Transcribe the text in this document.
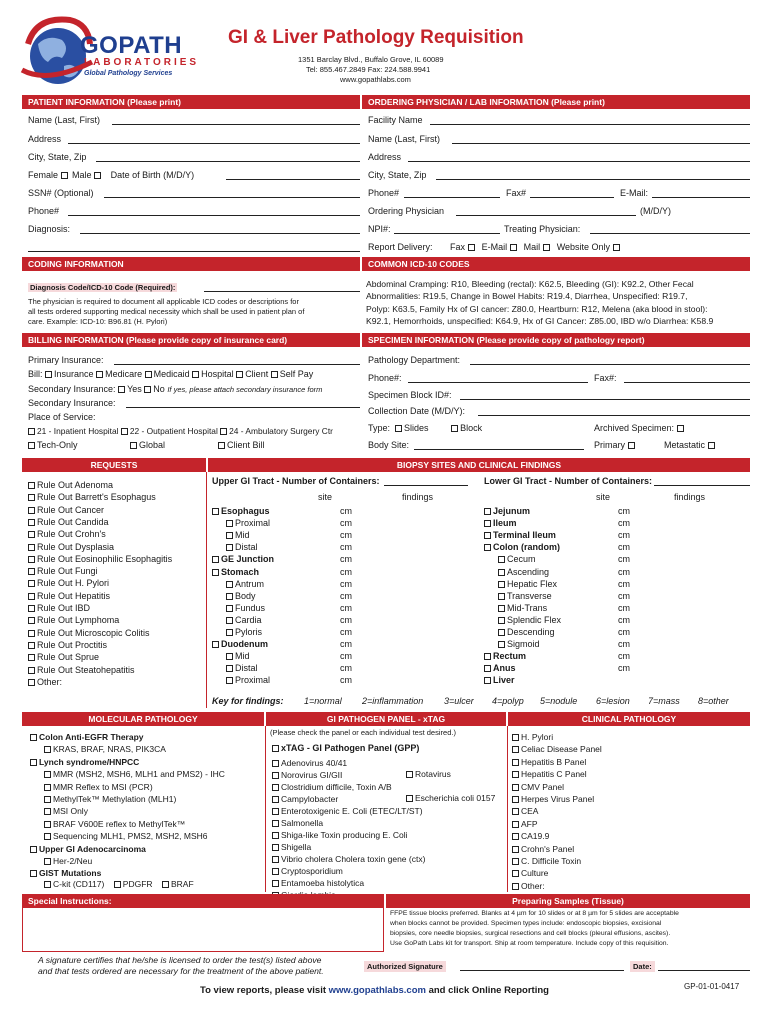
GOPATH
LABORATORIES
Global Pathology Services
GI & Liver Pathology Requisition
1351 Barclay Blvd., Buffalo Grove, IL 60089
Tel: 855.467.2849 Fax: 224.588.9941
www.gopathlabs.com
PATIENT INFORMATION (Please print)	ORDERING PHYSICIAN / LAB INFORMATION (Please print)
Name (Last, First)
Address
City, State, Zip
Female Male Date of Birth (M/D/Y)
SSN# (Optional)
Phone#
Diagnosis:
Facility Name
Name (Last, First)
Address
City, State, Zip
Phone#	Fax#	E-Mail:
Ordering Physician	(M/D/Y)
NPI#:	Treating Physician:
Report Delivery: Fax E-Mail Mail Website Only
CODING INFORMATION	COMMON ICD-10 CODES
Diagnosis Code/ICD-10 Code (Required):
The physician is required to document all applicable ICD codes or descriptions for
all tests ordered supporting medical necessity which shall be used in patient plan of
care. Example: ICD-10: B96.81 (H. Pylori)
Abdominal Cramping: R10, Bleeding (rectal): K62.5, Bleeding (GI): K92.2, Other Fecal
Abnormalities: R19.5, Change in Bowel Habits: R19.4, Diarrhea, Unspecified: R19.7,
Polyp: K63.5, Family Hx of GI cancer: Z80.0, Heartburn: R12, Melena (aka blood in stool):
K92.1, Hemorrhoids, unspecified: K64.9, Hx of GI Cancer: Z85.00, IBD w/o Diarrhea: K58.9
BILLING INFORMATION (Please provide copy of insurance card)	SPECIMEN INFORMATION (Please provide copy of pathology report)
Primary Insurance:
Bill: Insurance Medicare Medicaid Hospital Client Self Pay
Secondary Insurance: Yes No If yes, please attach secondary insurance form
Secondary Insurance:
Place of Service:
21 - Inpatient Hospital 22 - Outpatient Hospital 24 - Ambulatory Surgery Ctr
Tech-Only	Global	Client Bill
Pathology Department:
Phone#:	Fax#:
Specimen Block ID#:
Collection Date (M/D/Y):
Type: Slides	Block	Archived Specimen:
Body Site:	Primary	Metastatic
REQUESTS	BIOPSY SITES AND CLINICAL FINDINGS
Rule Out Adenoma
Rule Out Barrett's Esophagus
Rule Out Cancer
Rule Out Candida
Rule Out Crohn's
Rule Out Dysplasia
Rule Out Eosinophilic Esophagitis
Rule Out Fungi
Rule Out H. Pylori
Rule Out Hepatitis
Rule Out IBD
Rule Out Lymphoma
Rule Out Microscopic Colitis
Rule Out Proctitis
Rule Out Sprue
Rule Out Steatohepatitis
Other:
Upper GI Tract - Number of Containers:	Lower GI Tract - Number of Containers:
site	findings	site	findings
Esophagus	cm
Proximal	cm
Mid	cm
Distal	cm
GE Junction	cm
Stomach	cm
Antrum	cm
Body	cm
Fundus	cm
Cardia	cm
Pyloris	cm
Duodenum	cm
Mid	cm
Distal	cm
Proximal	cm
Jejunum	cm
Ileum	cm
Terminal Ileum	cm
Colon (random)	cm
Cecum	cm
Ascending	cm
Hepatic Flex	cm
Transverse	cm
Mid-Trans	cm
Splendic Flex	cm
Descending	cm
Sigmoid	cm
Rectum	cm
Anus	cm
Liver
Key for findings: 1=normal 2=inflammation 3=ulcer 4=polyp 5=nodule 6=lesion 7=mass 8=other
MOLECULAR PATHOLOGY	GI PATHOGEN PANEL - xTAG	CLINICAL PATHOLOGY
Colon Anti-EGFR Therapy
KRAS, BRAF, NRAS, PIK3CA
Lynch syndrome/HNPCC
MMR (MSH2, MSH6, MLH1 and PMS2) - IHC
MMR Reflex to MSI (PCR)
MethylTek™ Methylation (MLH1)
MSI Only
BRAF V600E reflex to MethylTek™
Sequencing MLH1, PMS2, MSH2, MSH6
Upper GI Adenocarcinoma
Her-2/Neu
GIST Mutations
C-kit (CD117) PDGFR BRAF
(Please check the panel or each individual test desired.)
xTAG - GI Pathogen Panel (GPP)
Adenovirus 40/41
Norovirus GI/GII
Clostridium difficile, Toxin A/B
Campylobacter
Enterotoxigenic E. Coli (ETEC/LT/ST)
Salmonella
Shiga-like Toxin producing E. Coli
Shigella
Vibrio cholera Cholera toxin gene (ctx)
Cryptosporidium
Entamoeba histolytica
Rotavirus
Escherichia coli 0157
H. Pylori
Celiac Disease Panel
Hepatitis B Panel
Hepatitis C Panel
CMV Panel
Herpes Virus Panel
CEA
AFP
CA19.9
Crohn's Panel
C. Difficile Toxin
Culture
Other:
Special Instructions:	Preparing Samples (Tissue)
FFPE tissue blocks preferred. Blanks at 4 µm for 10 slides or at 8 µm for 5 slides are acceptable
when blocks cannot be provided. Specimen types include: endoscopic biopsies, excisional
biopsies, core needle biopsies, surgical resections and cell blocks (pleural effusions, ascites).
Use GoPath Labs kit for transport. Ship at room temperature. Include copy of this requisition.
A signature certifies that he/she is licensed to order the test(s) listed above
and that tests ordered are necessary for the treatment of the above patient.	Authorized Signature	Date:
To view reports, please visit www.gopathlabs.com and click Online Reporting	GP-01-01-0417
